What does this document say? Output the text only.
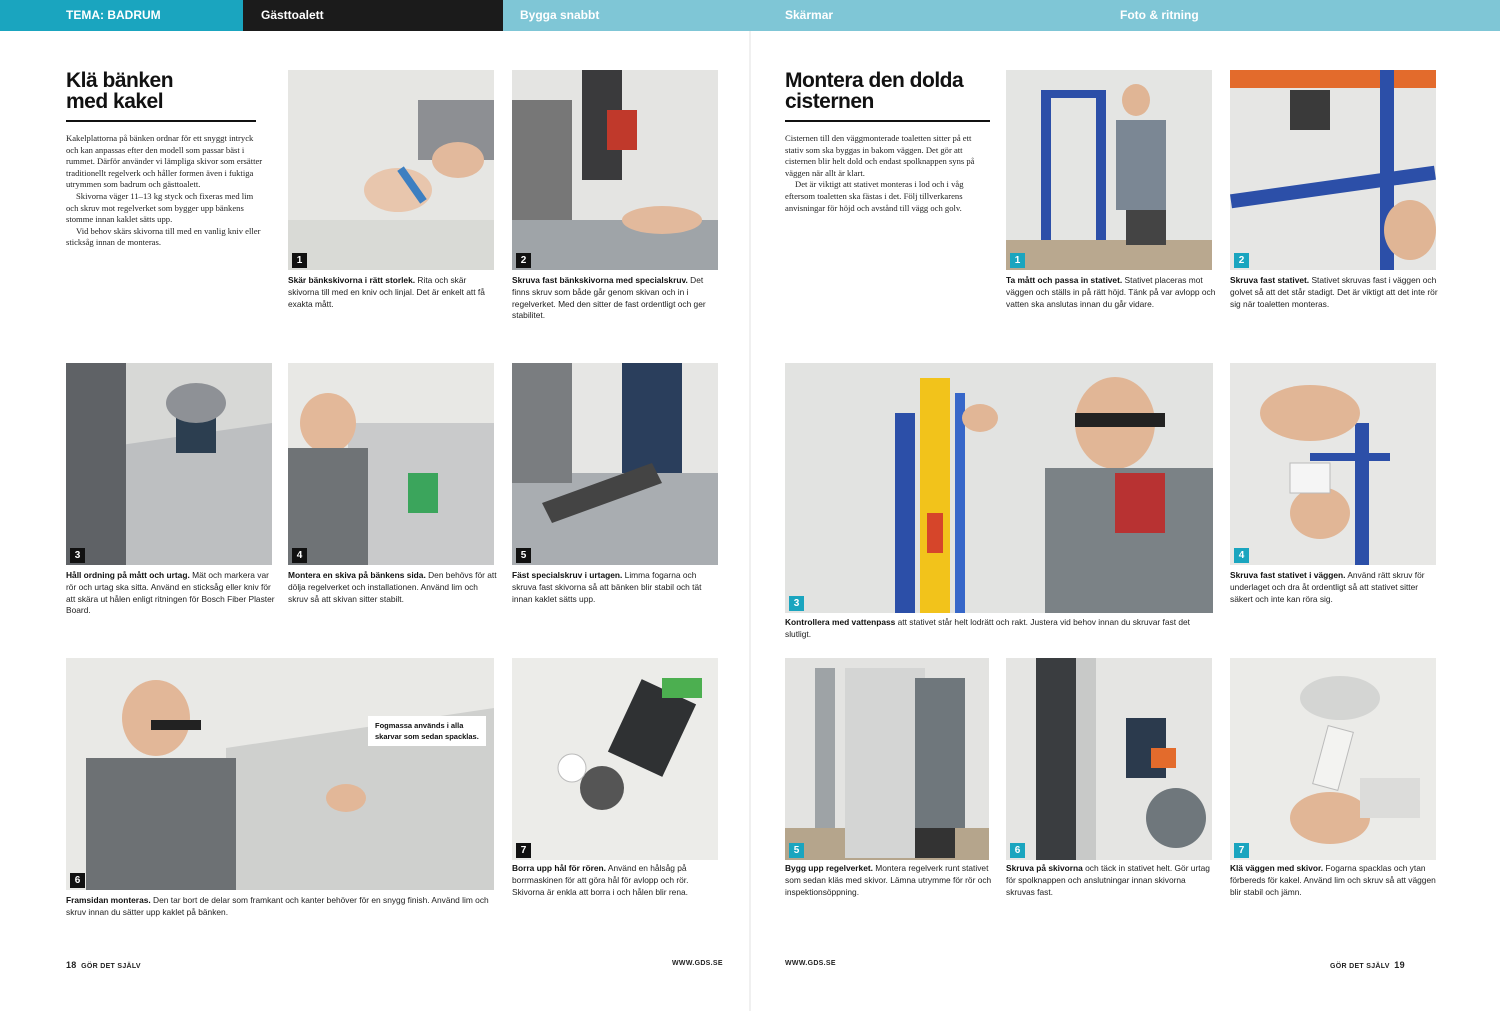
TEMA: BADRUM	Gästtoalett	Bygga snabbt	Skärmar	Foto & ritning
Klä bänken
med kakel

Kakelplattorna på bänken ordnar för ett snyggt intryck och kan anpassas efter den modell som passar bäst i rummet. Därför använder vi lämpliga skivor som ersätter traditionellt regelverk och håller formen även i fuktiga utrymmen som badrum och gästtoalett.

Skivorna väger 11–13 kg styck och fixeras med lim och skruv mot regelverket som bygger upp bänkens stomme innan kaklet sätts upp.

Vid behov skärs skivorna till med en vanlig kniv eller sticksåg innan de monteras.

1
Skär bänkskivorna i rätt storlek. Rita och skär skivorna till med en kniv och linjal. Det är enkelt att få exakta mått.
2
Skruva fast bänkskivorna med specialskruv. Det finns skruv som både går genom skivan och in i regelverket. Med den sitter de fast ordentligt och ger stabilitet.
3
Håll ordning på mått och urtag. Mät och markera var rör och urtag ska sitta. Använd en sticksåg eller kniv för att skära ut hålen enligt ritningen för Bosch Fiber Plaster Board.
4
Montera en skiva på bänkens sida. Den behövs för att dölja regelverket och installationen. Använd lim och skruv så att skivan sitter stabilt.
5
Fäst specialskruv i urtagen. Limma fogarna och skruva fast skivorna så att bänken blir stabil och tät innan kaklet sätts upp.
Fogmassa används i alla skarvar som sedan spacklas.
6
Framsidan monteras. Den tar bort de delar som framkant och kanter behöver för en snygg finish. Använd lim och skruv innan du sätter upp kaklet på bänken.
7
Borra upp hål för rören. Använd en hålsåg på borrmaskinen för att göra hål för avlopp och rör. Skivorna är enkla att borra i och hålen blir rena.
18 GÖR DET SJÄLV	WWW.GDS.SE
Montera den dolda
cisternen

Cisternen till den väggmonterade toaletten sitter på ett stativ som ska byggas in bakom väggen. Det gör att cisternen blir helt dold och endast spolknappen syns på väggen när allt är klart.

Det är viktigt att stativet monteras i lod och i våg eftersom toaletten ska fästas i det. Följ tillverkarens anvisningar för höjd och avstånd till vägg och golv.

1
Ta mått och passa in stativet. Stativet placeras mot väggen och ställs in på rätt höjd. Tänk på var avlopp och vatten ska anslutas innan du går vidare.
2
Skruva fast stativet. Stativet skruvas fast i väggen och golvet så att det står stadigt. Det är viktigt att det inte rör sig när toaletten monteras.
3
Kontrollera med vattenpass att stativet står helt lodrätt och rakt. Justera vid behov innan du skruvar fast det slutligt.
4
Skruva fast stativet i väggen. Använd rätt skruv för underlaget och dra åt ordentligt så att stativet sitter säkert och inte kan röra sig.
5
Bygg upp regelverket. Montera regelverk runt stativet som sedan kläs med skivor. Lämna utrymme för rör och inspektionsöppning.
6
Skruva på skivorna och täck in stativet helt. Gör urtag för spolknappen och anslutningar innan skivorna skruvas fast.
7
Klä väggen med skivor. Fogarna spacklas och ytan förbereds för kakel. Använd lim och skruv så att väggen blir stabil och jämn.
WWW.GDS.SE	GÖR DET SJÄLV 19
